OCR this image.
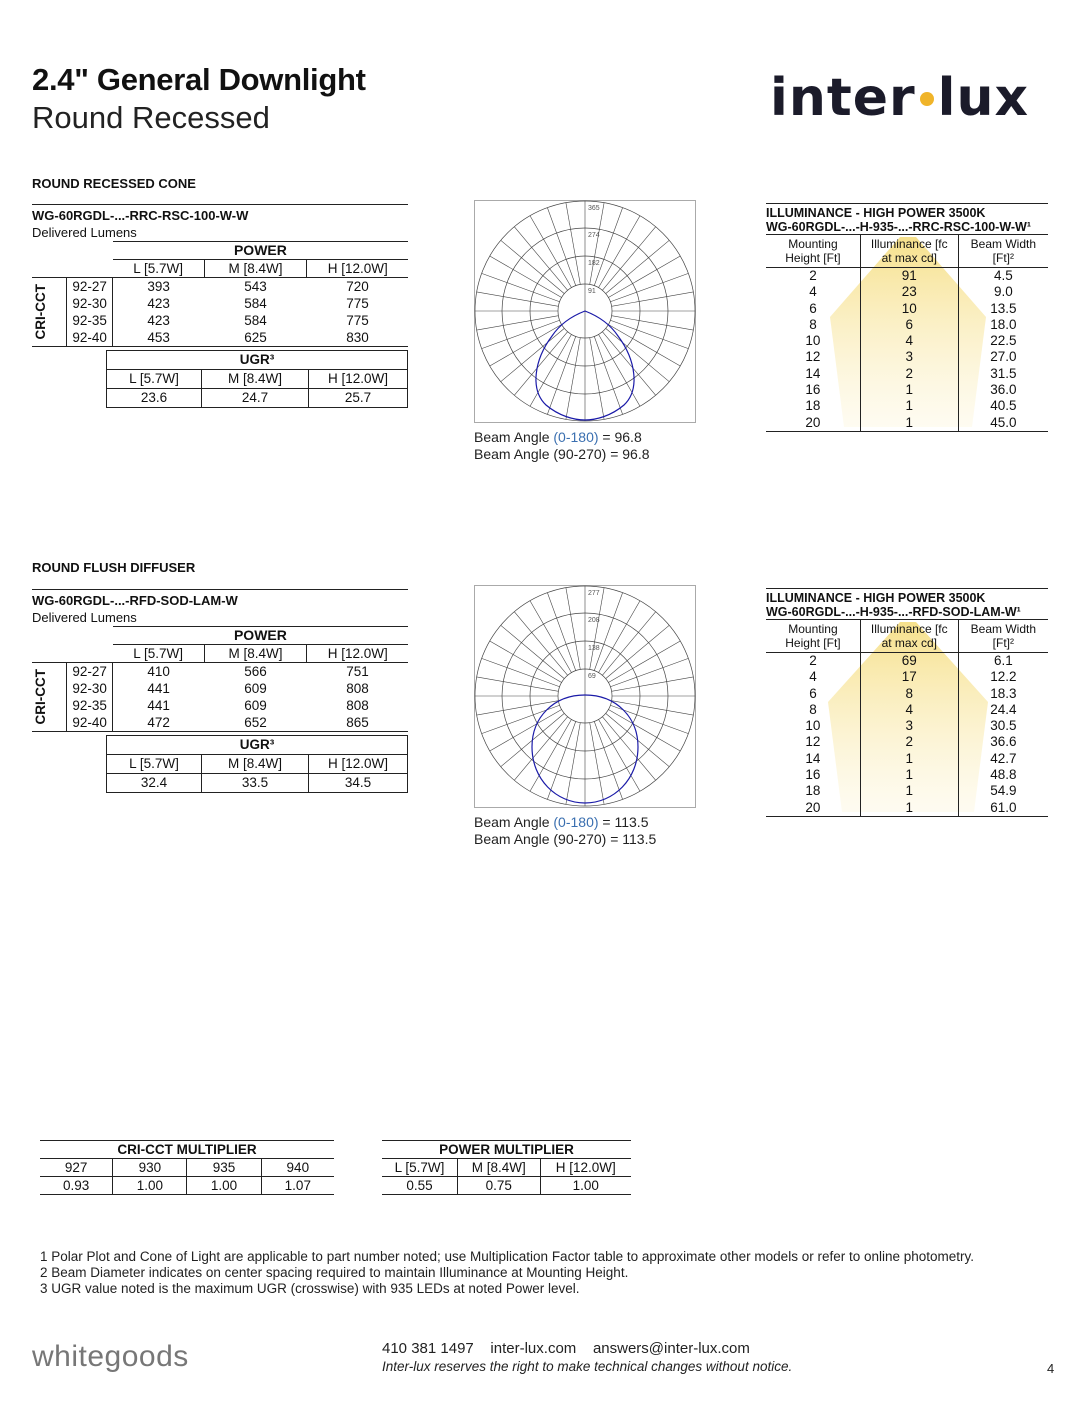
2.4" General Downlight
Round Recessed	inter lux
ROUND RECESSED CONE
WG-60RGDL-...-RRC-RSC-100-W-W				
Delivered Lumens				
		POWER		
		L [5.7W]	M [8.4W]	H [12.0W]

CRI-CCT	92-27	393	543	720
	92-30	423	584	775
	92-35	423	584	775
	92-40	453	625	830
UGR³		
L [5.7W]	M [8.4W]	H [12.0W]
23.6	24.7	25.7
365
274
182
91
Beam Angle (0-180) = 96.8
Beam Angle (90-270) = 96.8
ILLUMINANCE - HIGH POWER 3500K
WG-60RGDL-...-H-935-...-RRC-RSC-100-W-W¹
Mounting Height [Ft]	Illuminance [fc at max cd]	Beam Width [Ft]²
2	91	4.5
4	23	9.0
6	10	13.5
8	6	18.0
10	4	22.5
12	3	27.0
14	2	31.5
16	1	36.0
18	1	40.5
20	1	45.0
ROUND FLUSH DIFFUSER
WG-60RGDL-...-RFD-SOD-LAM-W				
Delivered Lumens				
		POWER		
		L [5.7W]	M [8.4W]	H [12.0W]

CRI-CCT	92-27	410	566	751
	92-30	441	609	808
	92-35	441	609	808
	92-40	472	652	865
UGR³		
L [5.7W]	M [8.4W]	H [12.0W]
32.4	33.5	34.5
277
208
138
69
Beam Angle (0-180) = 113.5
Beam Angle (90-270) = 113.5
ILLUMINANCE - HIGH POWER 3500K
WG-60RGDL-...-H-935-...-RFD-SOD-LAM-W¹
Mounting Height [Ft]	Illuminance [fc at max cd]	Beam Width [Ft]²
2	69	6.1
4	17	12.2
6	8	18.3
8	4	24.4
10	3	30.5
12	2	36.6
14	1	42.7
16	1	48.8
18	1	54.9
20	1	61.0
CRI-CCT MULTIPLIER			
927	930	935	940
0.93	1.00	1.00	1.07
POWER MULTIPLIER		
L [5.7W]	M [8.4W]	H [12.0W]
0.55	0.75	1.00
1 Polar Plot and Cone of Light are applicable to part number noted; use Multiplication Factor table to approximate other models or refer to online photometry.
2 Beam Diameter indicates on center spacing required to maintain Illuminance at Mounting Height.
3 UGR value noted is the maximum UGR (crosswise) with 935 LEDs at noted Power level.
whitegoods	410 381 1497    inter-lux.com    answers@inter-lux.com
Inter-lux reserves the right to make technical changes without notice.	4
